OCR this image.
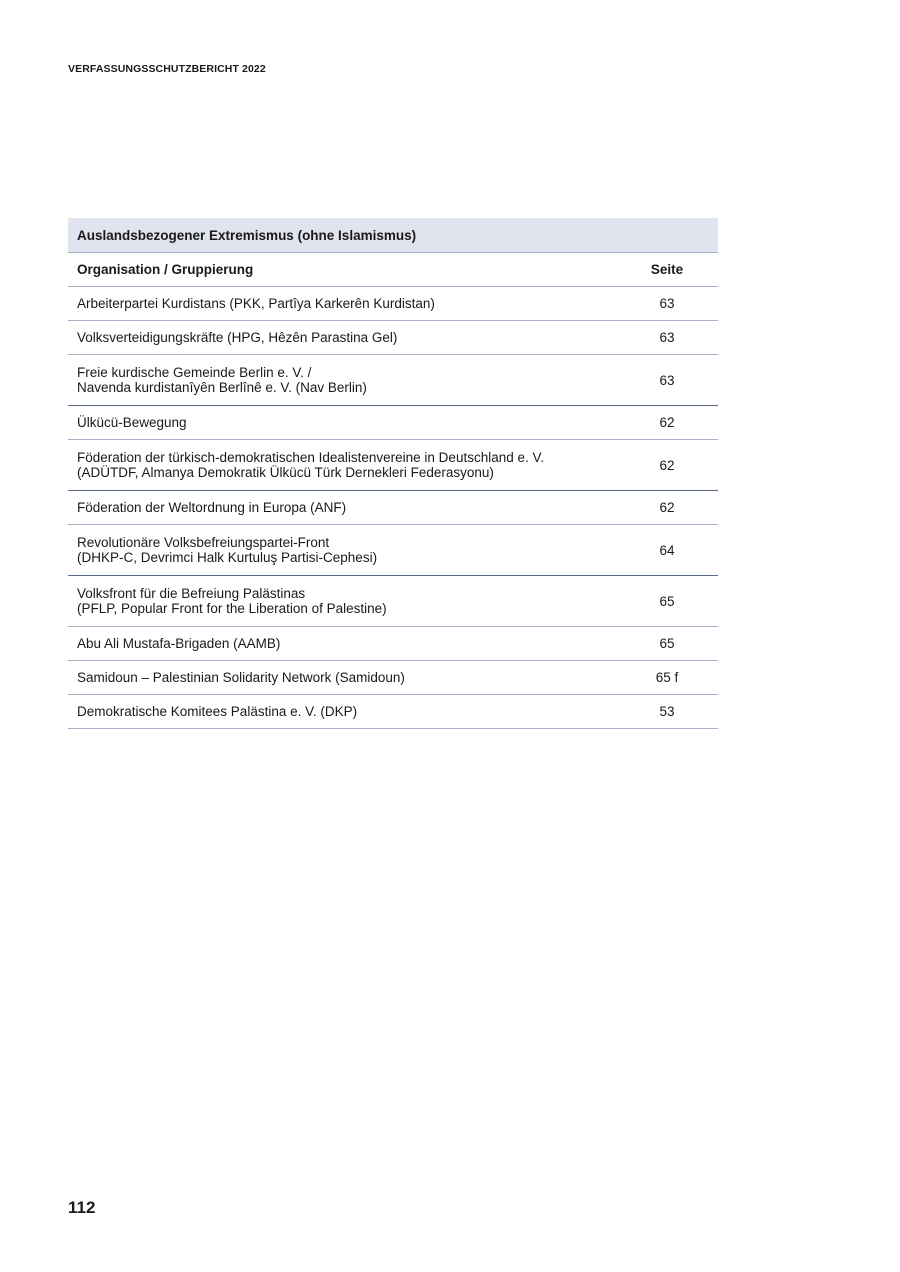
VERFASSUNGSSCHUTZBERICHT 2022
Auslandsbezogener Extremismus (ohne Islamismus)
Organisation / Gruppierung	Seite
Arbeiterpartei Kurdistans (PKK, Partîya Karkerên Kurdistan)	63
Volksverteidigungskräfte (HPG, Hêzên Parastina Gel)	63
Freie kurdische Gemeinde Berlin e. V. /
Navenda kurdistanîyên Berlînê e. V. (Nav Berlin)	63
Ülkücü-Bewegung	62
Föderation der türkisch-demokratischen Idealistenvereine in Deutschland e. V.
(ADÜTDF, Almanya Demokratik Ülkücü Türk Dernekleri Federasyonu)	62
Föderation der Weltordnung in Europa (ANF)	62
Revolutionäre Volksbefreiungspartei-Front
(DHKP-C, Devrimci Halk Kurtuluş Partisi-Cephesi)	64
Volksfront für die Befreiung Palästinas
(PFLP, Popular Front for the Liberation of Palestine)	65
Abu Ali Mustafa-Brigaden (AAMB)	65
Samidoun – Palestinian Solidarity Network (Samidoun)	65 f
Demokratische Komitees Palästina e. V. (DKP)	53
112
